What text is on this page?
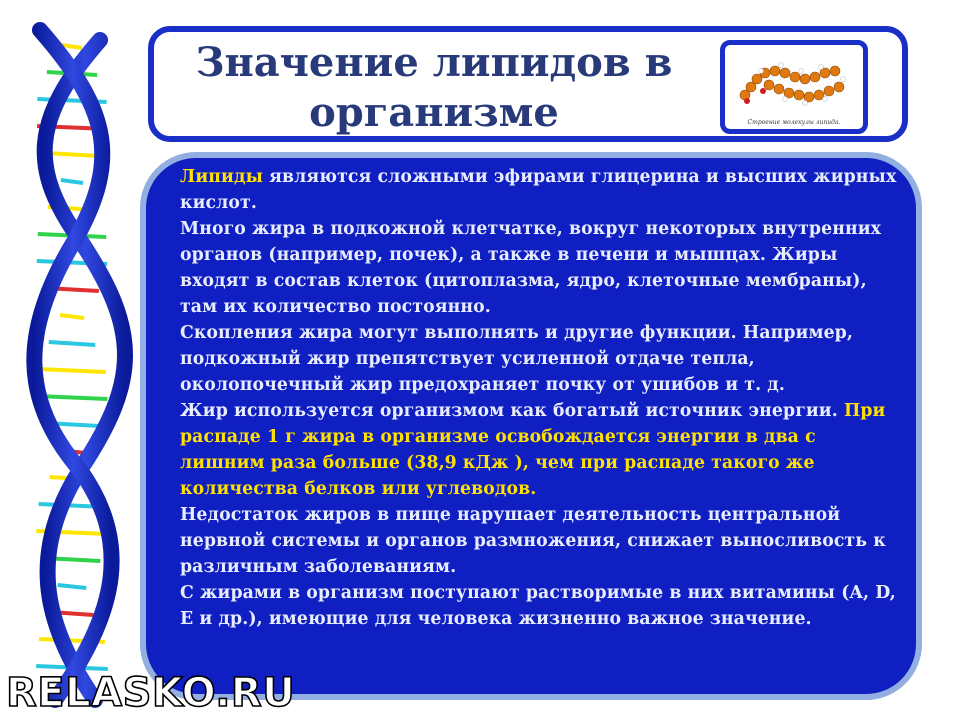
Значение липидов в
организме	Строение молекулы липида.

Липиды являются сложными эфирами глицерина и высших жирных кислот.

Много жира в подкожной клетчатке, вокруг некоторых внутренних органов (например, почек), а также в печени и мышцах. Жиры входят в состав клеток (цитоплазма, ядро, клеточные мембраны), там их количество постоянно.

Скопления жира могут выполнять и другие функции. Например, подкожный жир препятствует усиленной отдаче тепла, околопочечный жир предохраняет почку от ушибов и т. д.

Жир используется организмом как богатый источник энергии. При распаде 1 г жира в организме освобождается энергии в два с лишним раза больше (38,9 кДж ), чем при распаде такого же количества белков или углеводов.

Недостаток жиров в пище нарушает деятельность центральной нервной системы и органов размножения, снижает выносливость к различным заболеваниям.

С жирами в организм поступают растворимые в них витамины (A, D, E и др.), имеющие для человека жизненно важное значение.

RELASKO.RU
